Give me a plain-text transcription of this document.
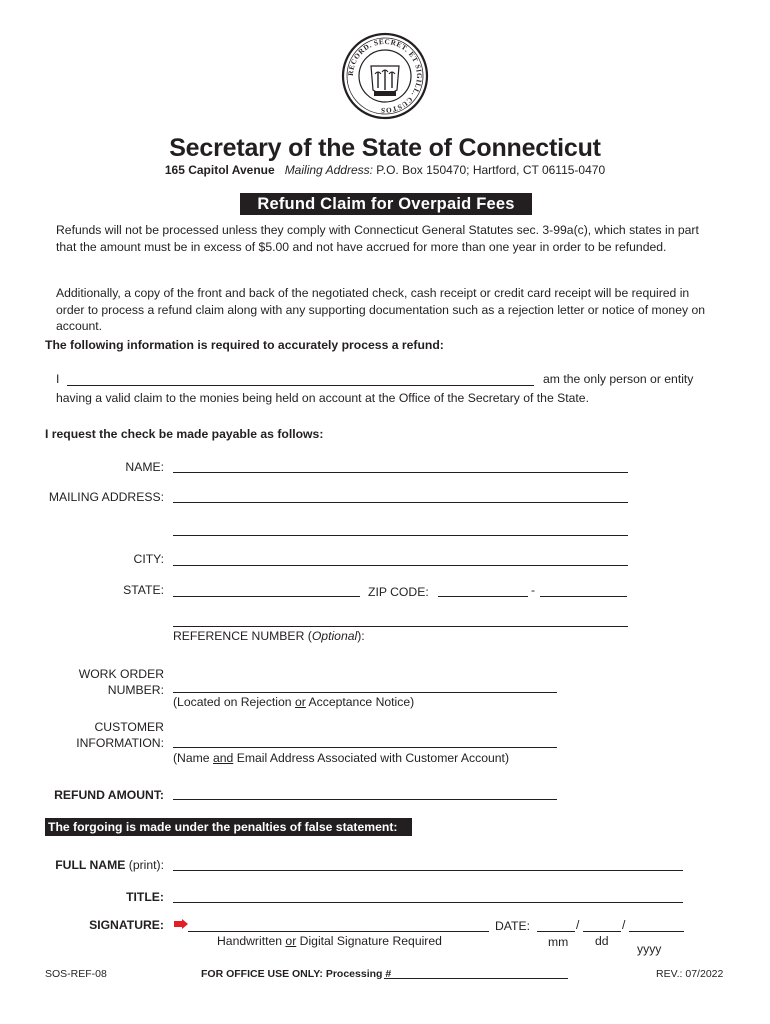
RECORD. SECRET. ET SIGILL. CUSTOS
Secretary of the State of Connecticut
165 Capitol Avenue Mailing Address: P.O. Box 150470; Hartford, CT 06115-0470
Refund Claim for Overpaid Fees
Refunds will not be processed unless they comply with Connecticut General Statutes sec. 3-99a(c), which states in part that the amount must be in excess of $5.00 and not have accrued for more than one year in order to be refunded.
Additionally, a copy of the front and back of the negotiated check, cash receipt or credit card receipt will be required in order to process a refund claim along with any supporting documentation such as a rejection letter or notice of money on account.
The following information is required to accurately process a refund:
I	am the only person or entity
having a valid claim to the monies being held on account at the Office of the Secretary of the State.
I request the check be made payable as follows:
NAME:
MAILING ADDRESS:
CITY:
STATE:	ZIP CODE:	-
REFERENCE NUMBER (Optional):
WORK ORDER
NUMBER:
(Located on Rejection or Acceptance Notice)
CUSTOMER
INFORMATION:
(Name and Email Address Associated with Customer Account)
REFUND AMOUNT:
The forgoing is made under the penalties of false statement:
FULL NAME (print):
TITLE:
SIGNATURE:	DATE:	/	/
Handwritten or Digital Signature Required	mm dd
yyyy
SOS-REF-08	FOR OFFICE USE ONLY: Processing #	REV.: 07/2022
